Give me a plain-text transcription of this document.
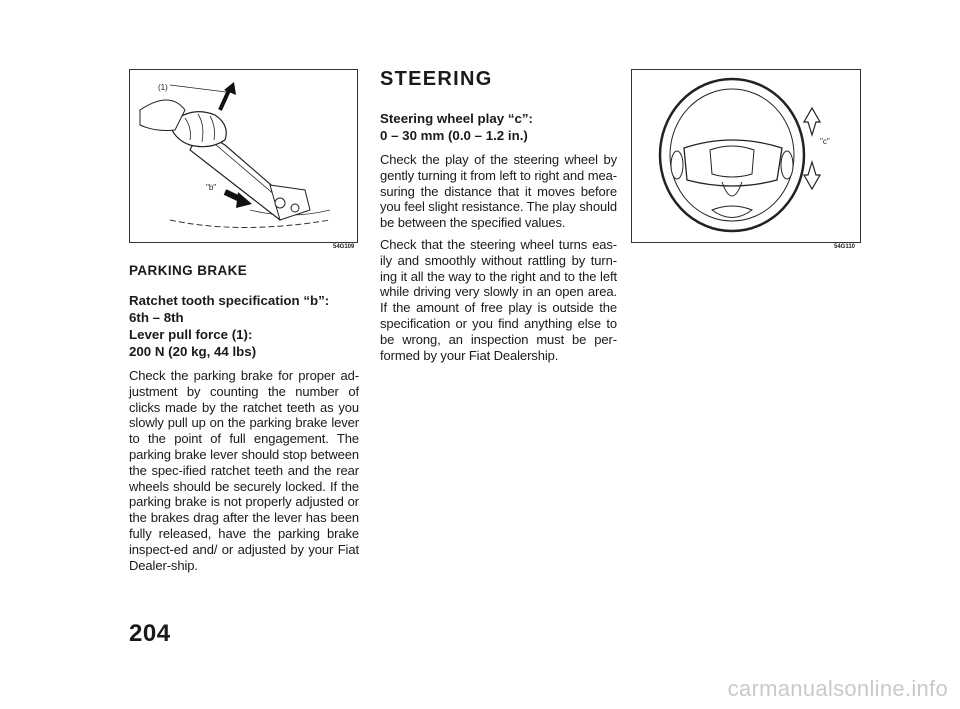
(1)
"b"
54G109
"c"
54G110
PARKING BRAKE
Ratchet tooth specification “b”:
6th – 8th
Lever pull force (1):
200 N (20 kg, 44 lbs)

Check the parking brake for proper ad-justment by counting the number of clicks made by the ratchet teeth as you slowly pull up on the parking brake lever to the point of full engagement. The parking brake lever should stop between the spec-ified ratchet teeth and the rear wheels should be securely locked. If the parking brake is not properly adjusted or the brakes drag after the lever has been fully released, have the parking brake inspect-ed and/ or adjusted by your Fiat Dealer-ship.

STEERING
Steering wheel play “c”:
0 – 30 mm (0.0 – 1.2 in.)

Check the play of the steering wheel by gently turning it from left to right and mea-suring the distance that it moves before you feel slight resistance. The play should be between the specified values.

Check that the steering wheel turns eas-ily and smoothly without rattling by turn-ing it all the way to the right and to the left while driving very slowly in an open area. If the amount of free play is outside the specification or you find anything else to be wrong, an inspection must be per-formed by your Fiat Dealership.

204
carmanualsonline.info
